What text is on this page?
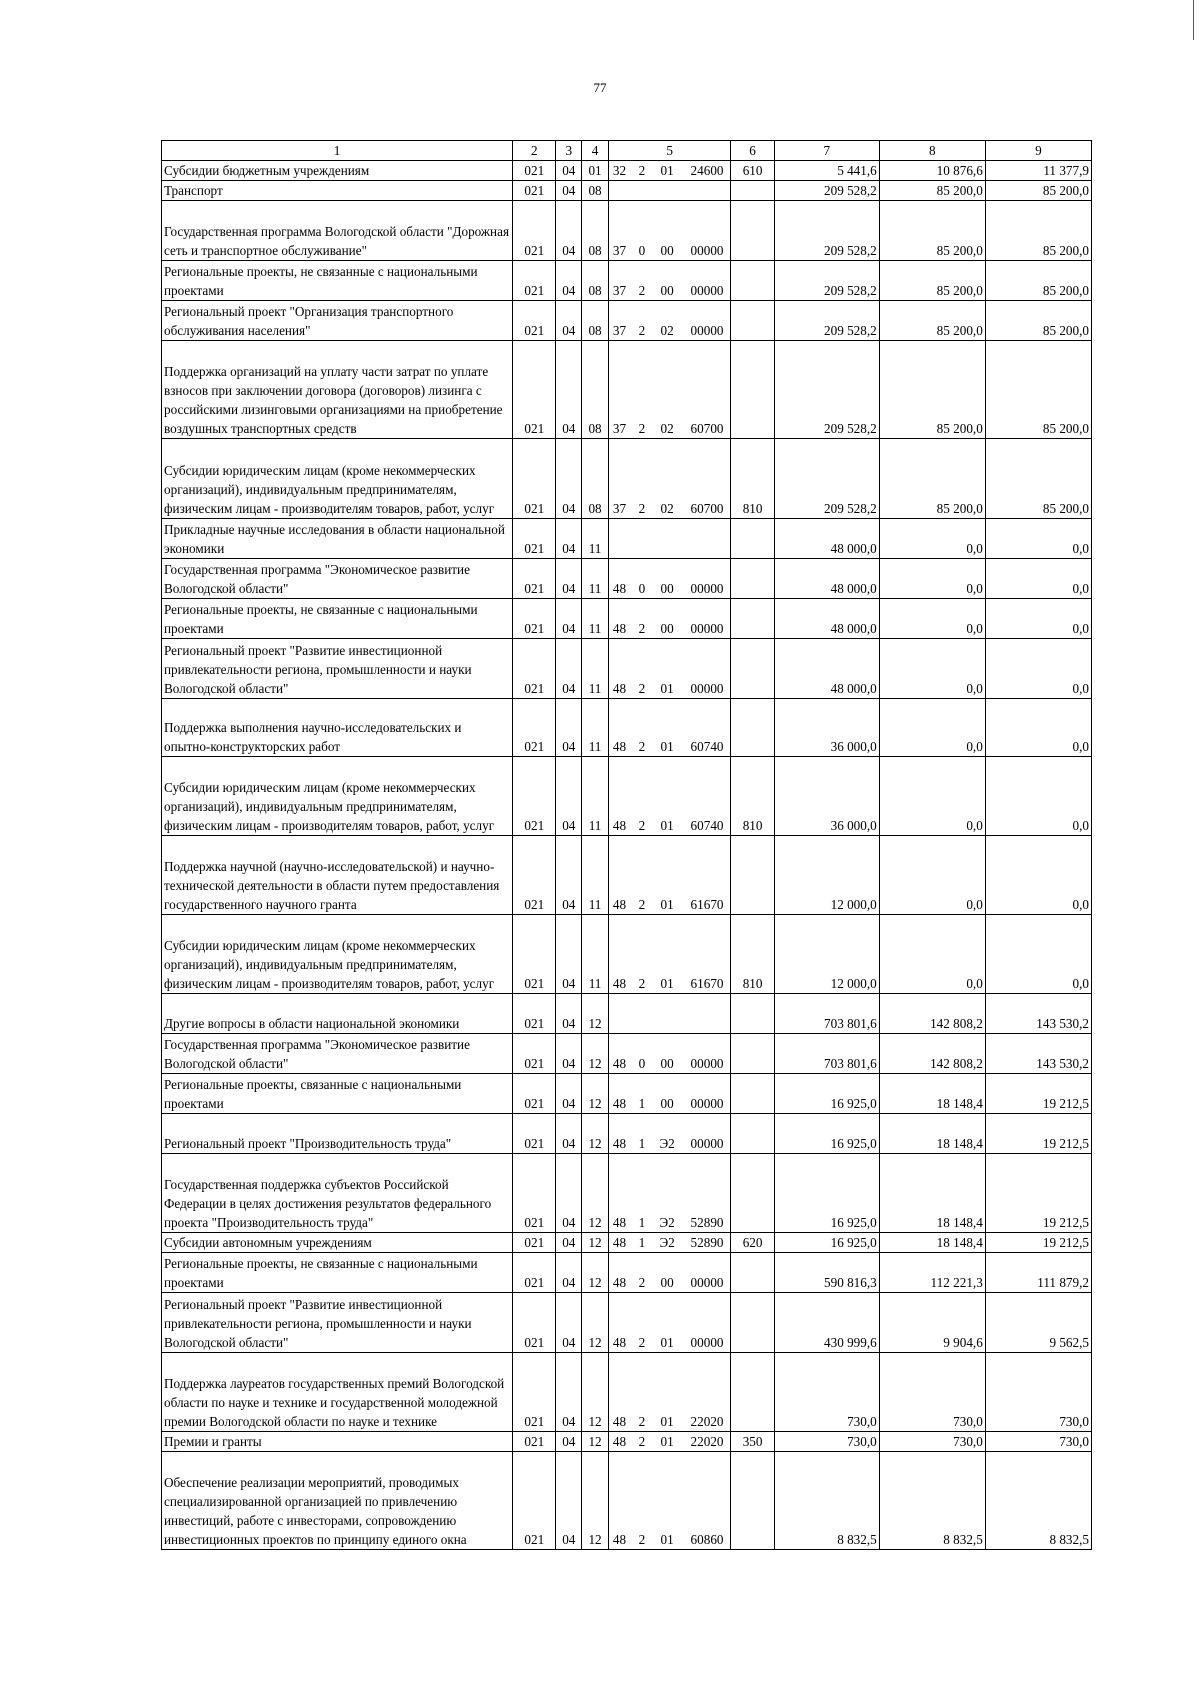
77
1	2	3	4	5				6	7	8	9
Субсидии бюджетным учреждениям	021	04	01	32	2	01	24600	610	5 441,6	10 876,6	11 377,9
Транспорт	021	04	08						209 528,2	85 200,0	85 200,0
Государственная программа Вологодской области "Дорожная сеть и транспортное обслуживание"	021	04	08	37	0	00	00000		209 528,2	85 200,0	85 200,0
Региональные проекты, не связанные с национальными проектами	021	04	08	37	2	00	00000		209 528,2	85 200,0	85 200,0
Региональный проект "Организация транспортного обслуживания населения"	021	04	08	37	2	02	00000		209 528,2	85 200,0	85 200,0
Поддержка организаций на уплату части затрат по уплате взносов при заключении договора (договоров) лизинга с российскими лизинговыми организациями на приобретение воздушных транспортных средств	021	04	08	37	2	02	60700		209 528,2	85 200,0	85 200,0
Субсидии юридическим лицам (кроме некоммерческих организаций), индивидуальным предпринимателям, физическим лицам - производителям товаров, работ, услуг	021	04	08	37	2	02	60700	810	209 528,2	85 200,0	85 200,0
Прикладные научные исследования в области национальной экономики	021	04	11						48 000,0	0,0	0,0
Государственная программа "Экономическое развитие Вологодской области"	021	04	11	48	0	00	00000		48 000,0	0,0	0,0
Региональные проекты, не связанные с национальными проектами	021	04	11	48	2	00	00000		48 000,0	0,0	0,0
Региональный проект "Развитие инвестиционной привлекательности региона, промышленности и науки Вологодской области"	021	04	11	48	2	01	00000		48 000,0	0,0	0,0
Поддержка выполнения научно-исследовательских и опытно-конструкторских работ	021	04	11	48	2	01	60740		36 000,0	0,0	0,0
Субсидии юридическим лицам (кроме некоммерческих организаций), индивидуальным предпринимателям, физическим лицам - производителям товаров, работ, услуг	021	04	11	48	2	01	60740	810	36 000,0	0,0	0,0
Поддержка научной (научно-исследовательской) и научно-технической деятельности в области путем предоставления государственного научного гранта	021	04	11	48	2	01	61670		12 000,0	0,0	0,0
Субсидии юридическим лицам (кроме некоммерческих организаций), индивидуальным предпринимателям, физическим лицам - производителям товаров, работ, услуг	021	04	11	48	2	01	61670	810	12 000,0	0,0	0,0
Другие вопросы в области национальной экономики	021	04	12						703 801,6	142 808,2	143 530,2
Государственная программа "Экономическое развитие Вологодской области"	021	04	12	48	0	00	00000		703 801,6	142 808,2	143 530,2
Региональные проекты, связанные с национальными проектами	021	04	12	48	1	00	00000		16 925,0	18 148,4	19 212,5
Региональный проект "Производительность труда"	021	04	12	48	1	Э2	00000		16 925,0	18 148,4	19 212,5
Государственная поддержка субъектов Российской Федерации в целях достижения результатов федерального проекта "Производительность труда"	021	04	12	48	1	Э2	52890		16 925,0	18 148,4	19 212,5
Субсидии автономным учреждениям	021	04	12	48	1	Э2	52890	620	16 925,0	18 148,4	19 212,5
Региональные проекты, не связанные с национальными проектами	021	04	12	48	2	00	00000		590 816,3	112 221,3	111 879,2
Региональный проект "Развитие инвестиционной привлекательности региона, промышленности и науки Вологодской области"	021	04	12	48	2	01	00000		430 999,6	9 904,6	9 562,5
Поддержка лауреатов государственных премий Вологодской области по науке и технике и государственной молодежной премии Вологодской области по науке и технике	021	04	12	48	2	01	22020		730,0	730,0	730,0
Премии и гранты	021	04	12	48	2	01	22020	350	730,0	730,0	730,0
Обеспечение реализации мероприятий, проводимых специализированной организацией по привлечению инвестиций, работе с инвесторами, сопровождению инвестиционных проектов по принципу единого окна	021	04	12	48	2	01	60860		8 832,5	8 832,5	8 832,5
